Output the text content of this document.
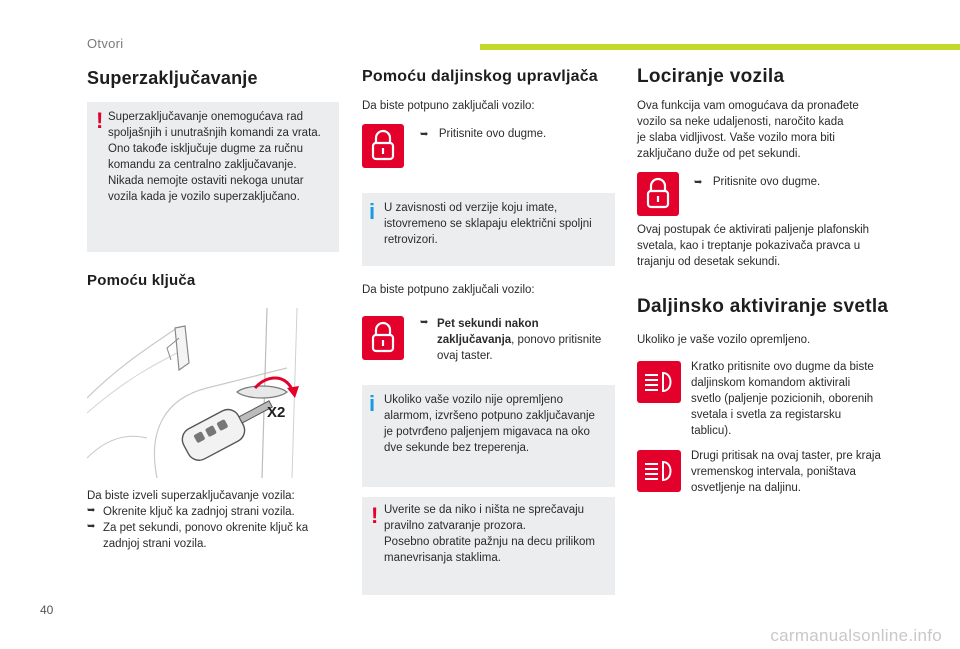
Otvori
Superzaključavanje
! Superzaključavanje onemogućava rad
spoljašnjih i unutrašnjih komandi za vrata.
Ono takođe isključuje dugme za ručnu
komandu za centralno zaključavanje.
Nikada nemojte ostaviti nekoga unutar
vozila kada je vozilo superzaključano.
Pomoću ključa
X2

Da biste izveli superzaključavanje vozila:

➥ Okrenite ključ ka zadnjoj strani vozila.

➥ Za pet sekundi, ponovo okrenite ključ ka

zadnjoj strani vozila.

Pomoću daljinskog upravljača

Da biste potpuno zaključali vozilo:

➥ Pritisnite ovo dugme.
i U zavisnosti od verzije koju imate,
istovremeno se sklapaju električni spoljni
retrovizori.

Da biste potpuno zaključali vozilo:

➥ Pet sekundi nakon

zaključavanja, ponovo pritisnite

ovaj taster.

i Ukoliko vaše vozilo nije opremljeno
alarmom, izvršeno potpuno zaključavanje
je potvrđeno paljenjem migavaca na oko
dve sekunde bez treperenja.
! Uverite se da niko i ništa ne sprečavaju
pravilno zatvaranje prozora.
Posebno obratite pažnju na decu prilikom
manevrisanja staklima.
Lociranje vozila

Ova funkcija vam omogućava da pronađete

vozilo sa neke udaljenosti, naročito kada

je slaba vidljivost. Vaše vozilo mora biti

zaključano duže od pet sekundi.

➥ Pritisnite ovo dugme.

Ovaj postupak će aktivirati paljenje plafonskih

svetala, kao i treptanje pokazivača pravca u

trajanju od desetak sekundi.

Daljinsko aktiviranje svetla

Ukoliko je vaše vozilo opremljeno.

Kratko pritisnite ovo dugme da biste

daljinskom komandom aktivirali

svetlo (paljenje pozicionih, oborenih

svetala i svetla za registarsku

tablicu).

Drugi pritisak na ovaj taster, pre kraja

vremenskog intervala, poništava

osvetljenje na daljinu.

40
carmanualsonline.info
